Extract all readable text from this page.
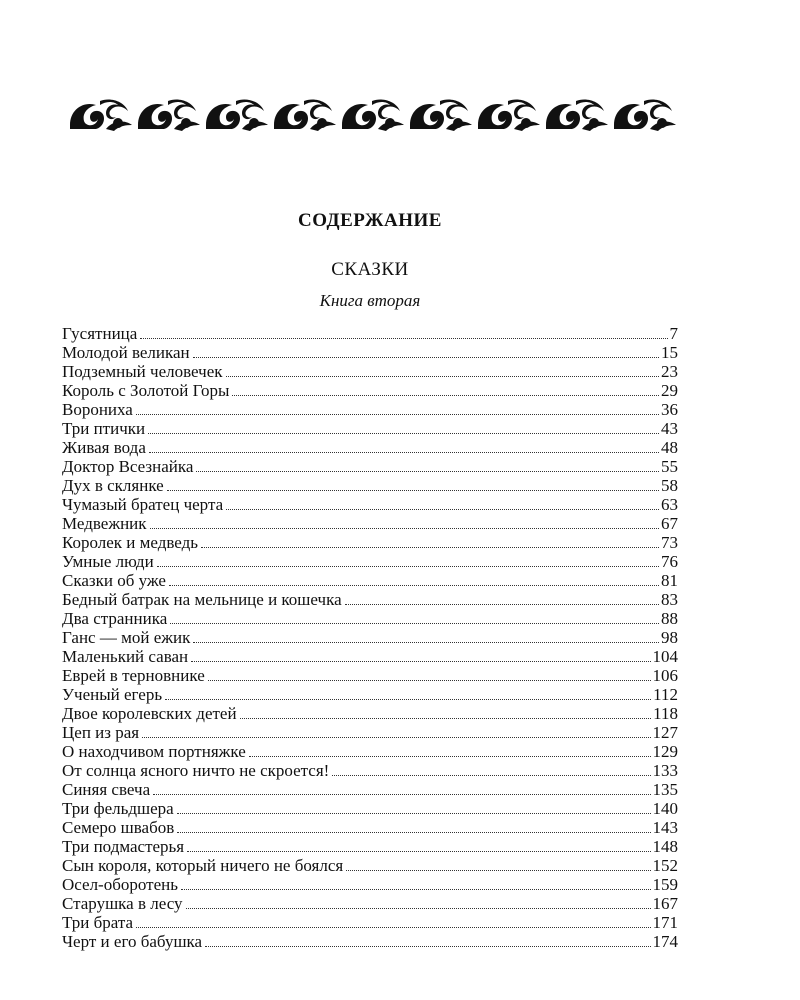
СОДЕРЖАНИЕ
СКАЗКИ
Книга вторая
Гусятница	7
Молодой великан	15
Подземный человечек	23
Король с Золотой Горы	29
Ворониха	36
Три птички	43
Живая вода	48
Доктор Всезнайка	55
Дух в склянке	58
Чумазый братец черта	63
Медвежник	67
Королек и медведь	73
Умные люди	76
Сказки об уже	81
Бедный батрак на мельнице и кошечка	83
Два странника	88
Ганс — мой ежик	98
Маленький саван	104
Еврей в терновнике	106
Ученый егерь	112
Двое королевских детей	118
Цеп из рая	127
О находчивом портняжке	129
От солнца ясного ничто не скроется!	133
Синяя свеча	135
Три фельдшера	140
Семеро швабов	143
Три подмастерья	148
Сын короля, который ничего не боялся	152
Осел-оборотень	159
Старушка в лесу	167
Три брата	171
Черт и его бабушка	174
